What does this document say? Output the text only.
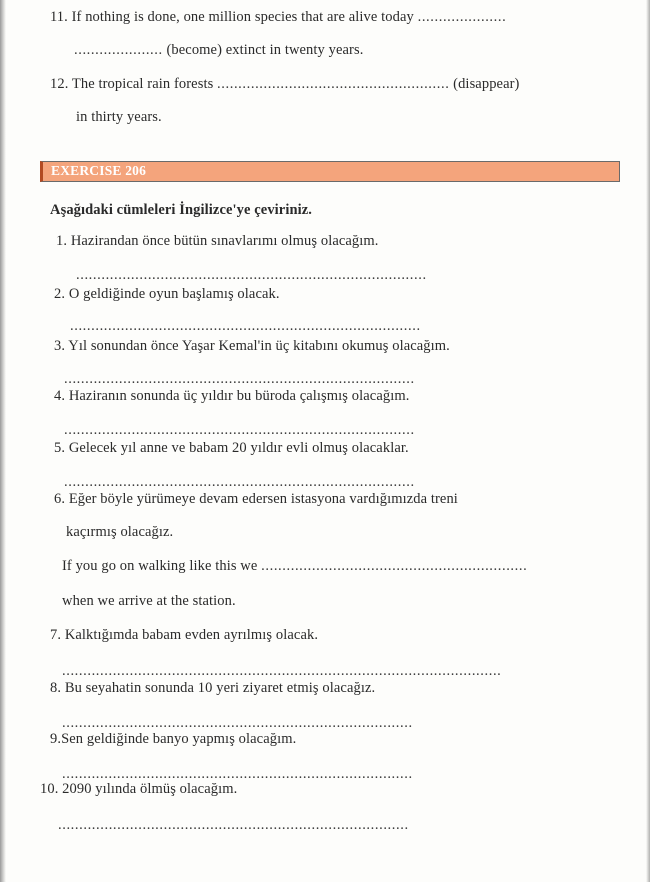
11. If nothing is done, one million species that are alive today .....................
..................... (become) extinct in twenty years.
12. The tropical rain forests ....................................................... (disappear)
in thirty years.
EXERCISE 206
Aşağıdaki cümleleri İngilizce'ye çeviriniz.
1. Hazirandan önce bütün sınavlarımı olmuş olacağım.
...................................................................................
2. O geldiğinde oyun başlamış olacak.
...................................................................................
3. Yıl sonundan önce Yaşar Kemal'in üç kitabını okumuş olacağım.
...................................................................................
4. Haziranın sonunda üç yıldır bu büroda çalışmış olacağım.
...................................................................................
5. Gelecek yıl anne ve babam 20 yıldır evli olmuş olacaklar.
...................................................................................
6. Eğer böyle yürümeye devam edersen istasyona vardığımızda treni
kaçırmış olacağız.
If you go on walking like this we ...............................................................
when we arrive at the station.
7. Kalktığımda babam evden ayrılmış olacak.
........................................................................................................
8. Bu seyahatin sonunda 10 yeri ziyaret etmiş olacağız.
...................................................................................
9.Sen geldiğinde banyo yapmış olacağım.
...................................................................................
10. 2090 yılında ölmüş olacağım.
...................................................................................
